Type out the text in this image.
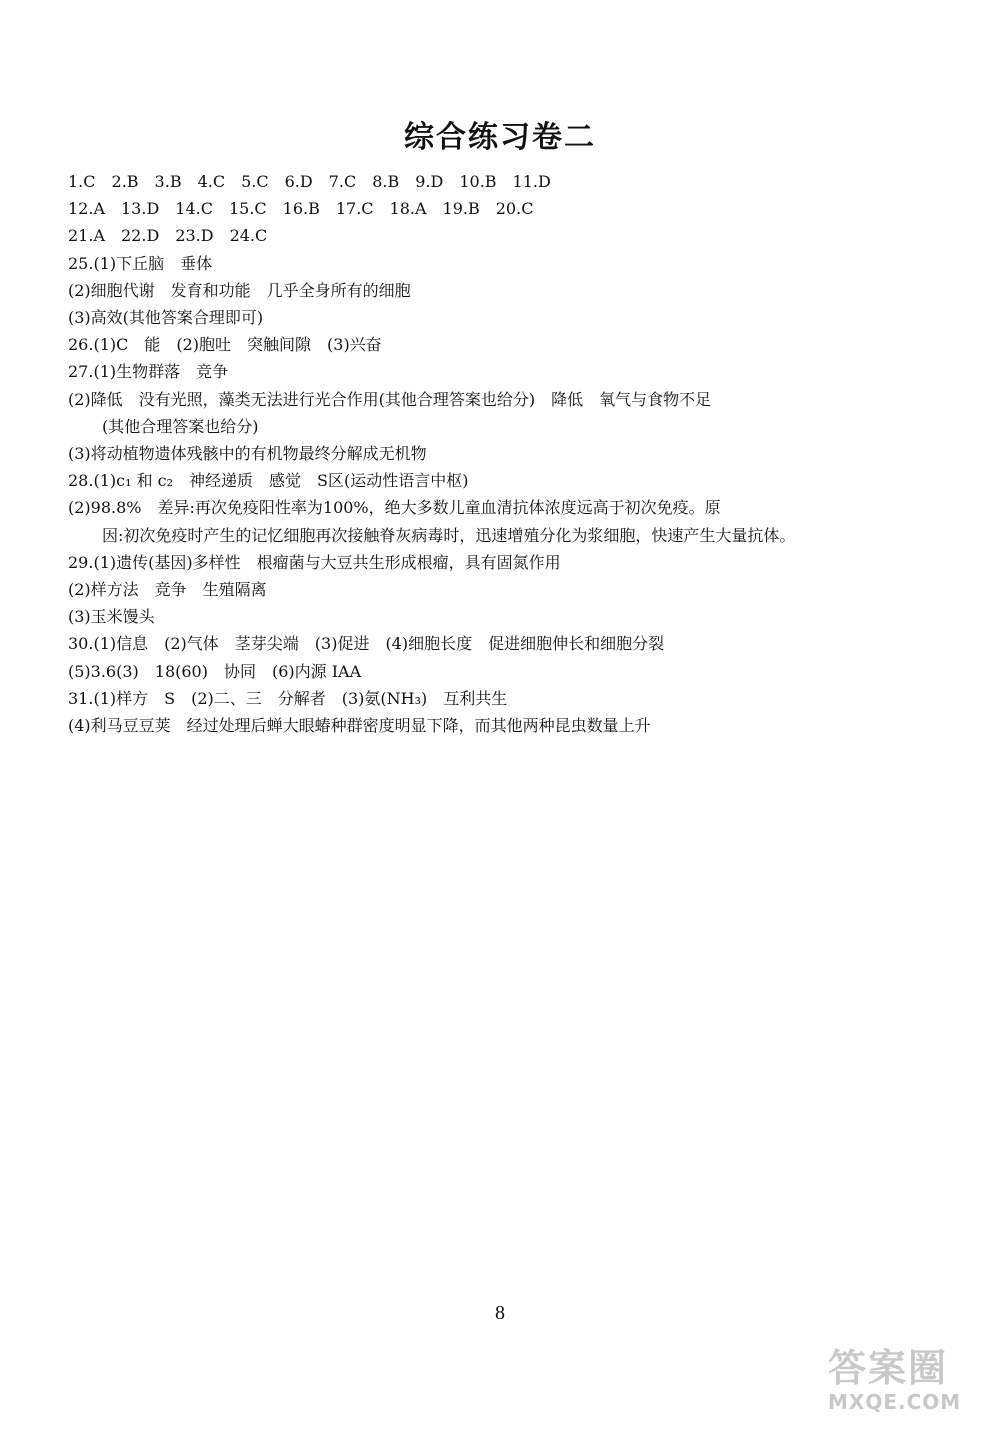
综合练习卷二
1.C 2.B 3.B 4.C 5.C 6.D 7.C 8.B 9.D 10.B 11.D
12.A 13.D 14.C 15.C 16.B 17.C 18.A 19.B 20.C
21.A 22.D 23.D 24.C
25.(1)下丘脑　垂体
(2)细胞代谢　发育和功能　几乎全身所有的细胞
(3)高效(其他答案合理即可)
26.(1)C　能　(2)胞吐　突触间隙　(3)兴奋
27.(1)生物群落　竞争
(2)降低　没有光照，藻类无法进行光合作用(其他合理答案也给分)　降低　氧气与食物不足
(其他合理答案也给分)
(3)将动植物遗体残骸中的有机物最终分解成无机物
28.(1)c₁ 和 c₂　神经递质　感觉　S区(运动性语言中枢)
(2)98.8%　差异:再次免疫阳性率为100%，绝大多数儿童血清抗体浓度远高于初次免疫。原
因:初次免疫时产生的记忆细胞再次接触脊灰病毒时，迅速增殖分化为浆细胞，快速产生大量抗体。
29.(1)遗传(基因)多样性　根瘤菌与大豆共生形成根瘤，具有固氮作用
(2)样方法　竞争　生殖隔离
(3)玉米馒头
30.(1)信息　(2)气体　茎芽尖端　(3)促进　(4)细胞长度　促进细胞伸长和细胞分裂
(5)3.6(3)　18(60)　协同　(6)内源 IAA
31.(1)样方　S　(2)二、三　分解者　(3)氨(NH₃)　互利共生
(4)利马豆豆荚　经过处理后蝉大眼蝽种群密度明显下降，而其他两种昆虫数量上升
8
答案圈
MXQE.COM
